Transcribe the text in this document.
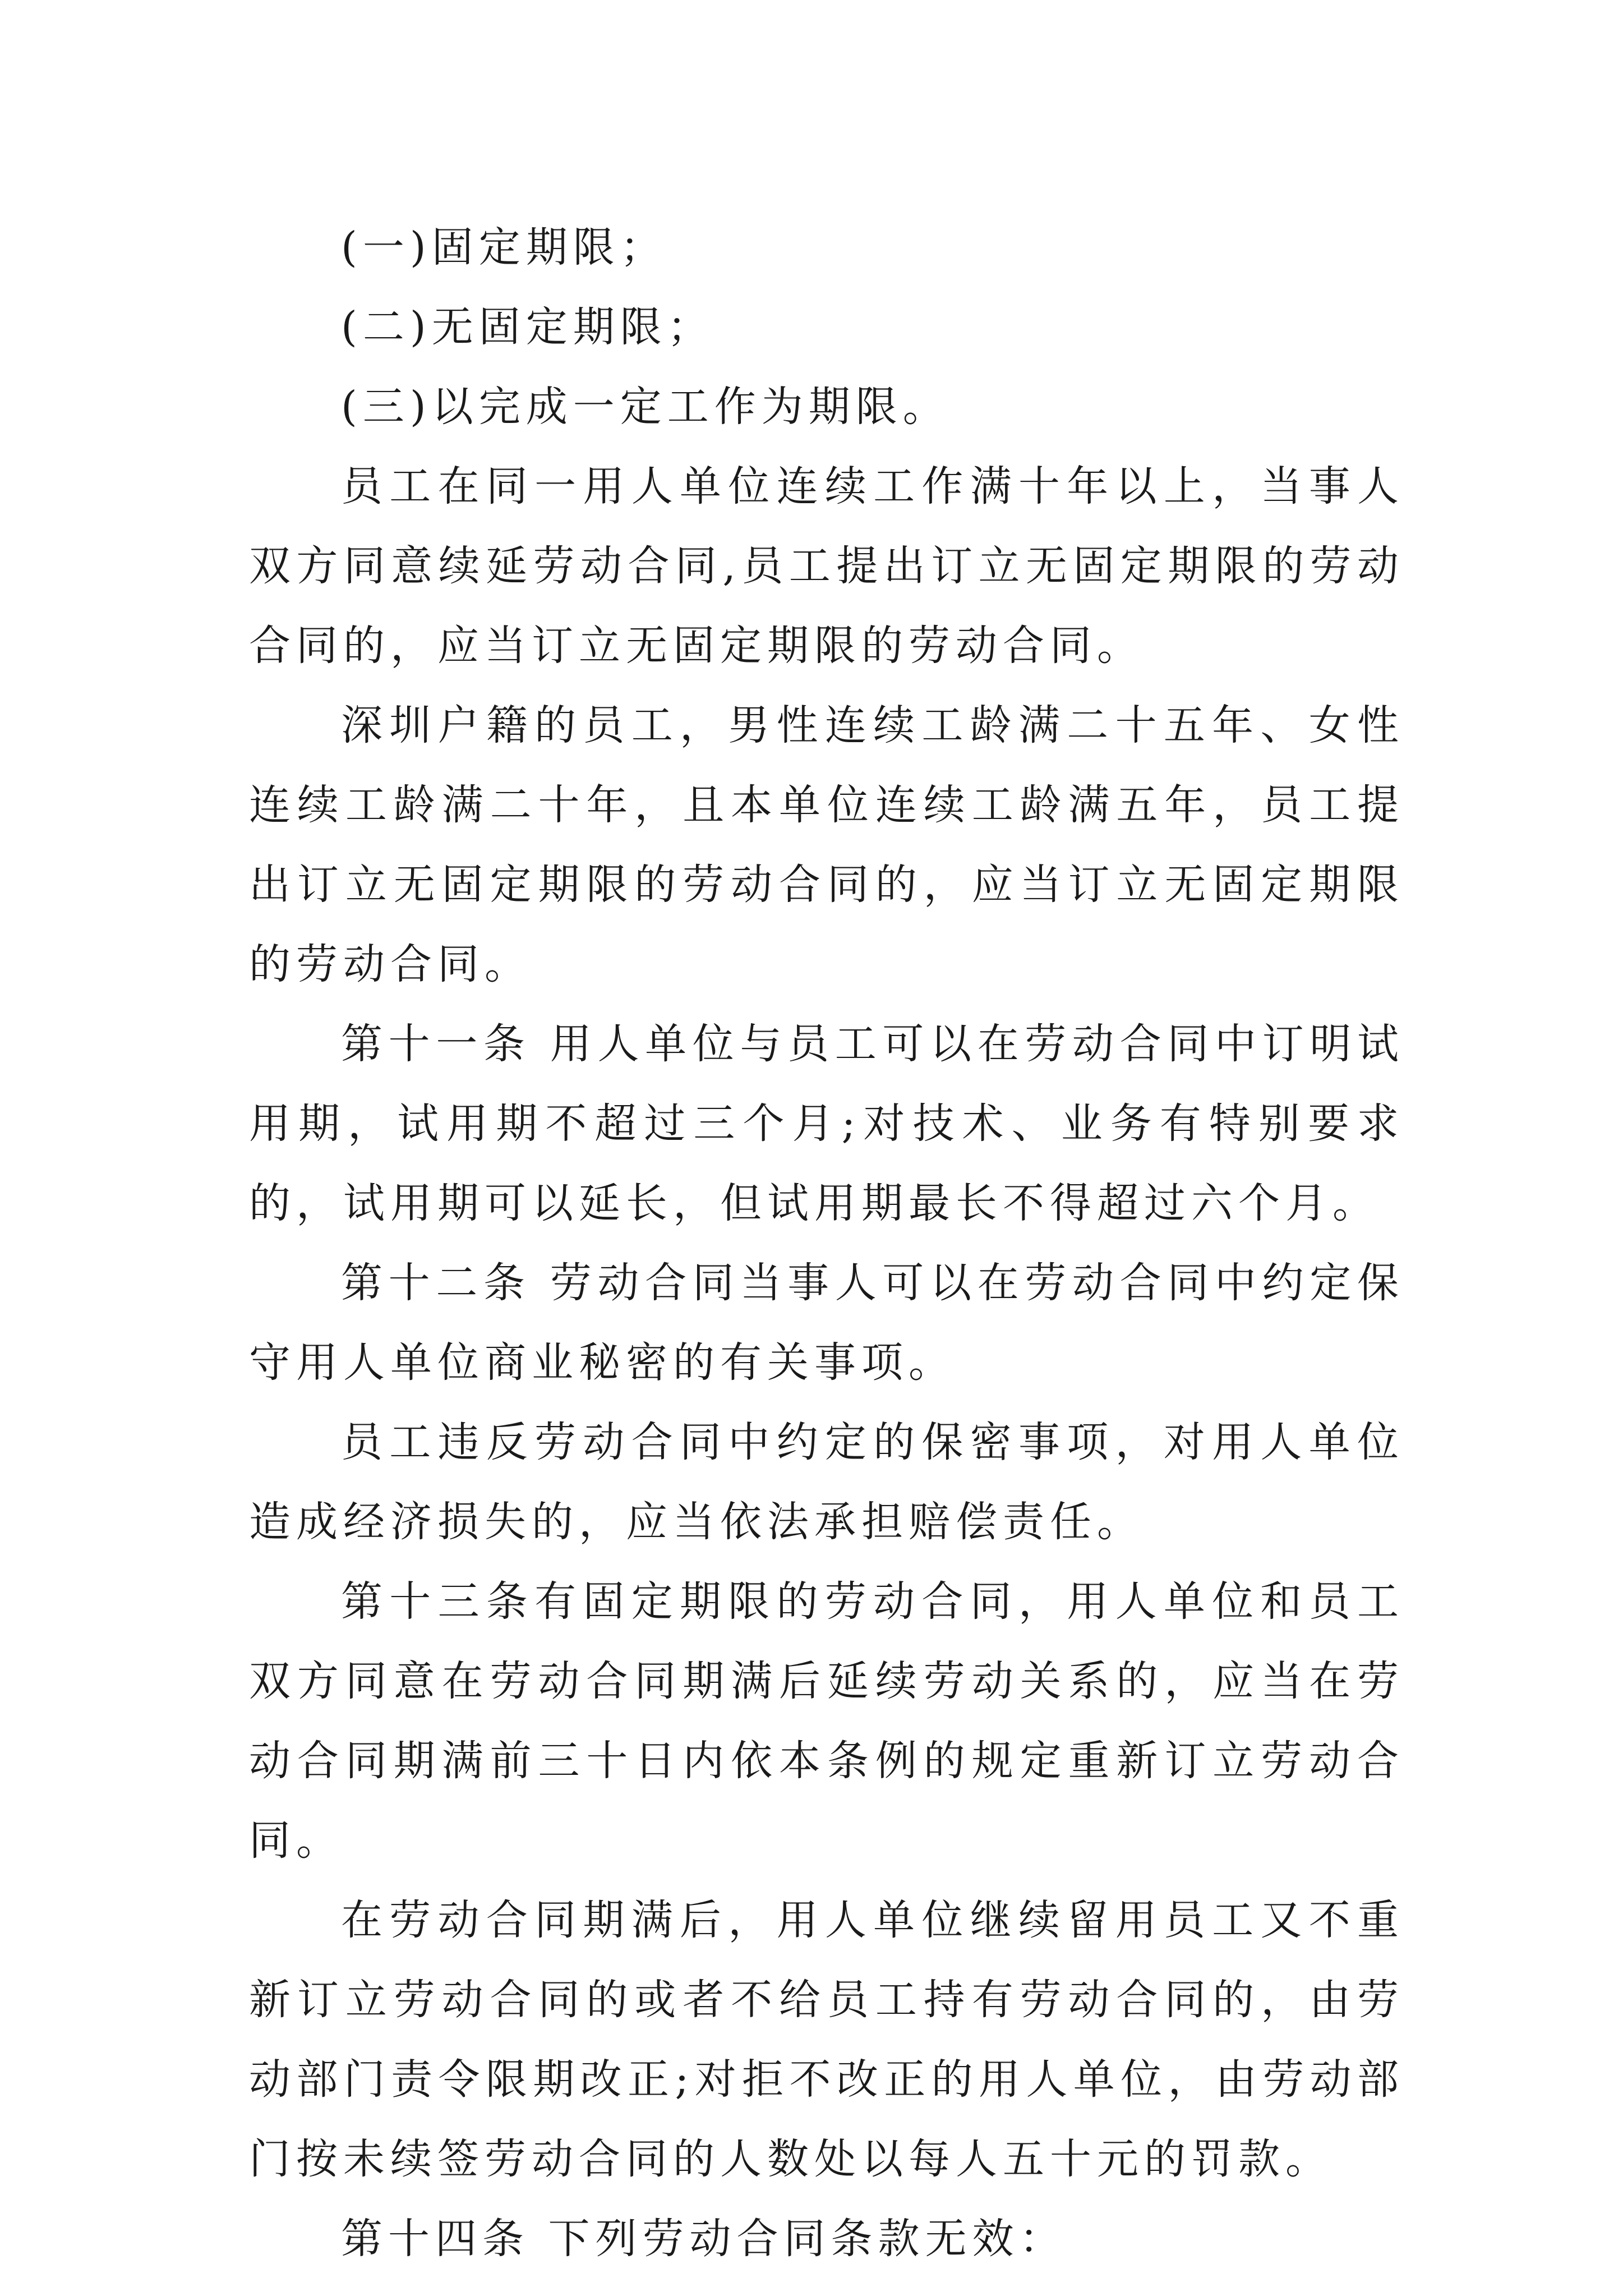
(一)固定期限；

(二)无固定期限；

(三)以完成一定工作为期限。

员工在同一用人单位连续工作满十年以上，当事人双方同意续延劳动合同,员工提出订立无固定期限的劳动合同的，应当订立无固定期限的劳动合同。

深圳户籍的员工，男性连续工龄满二十五年、女性连续工龄满二十年，且本单位连续工龄满五年，员工提出订立无固定期限的劳动合同的，应当订立无固定期限的劳动合同。

第十一条 用人单位与员工可以在劳动合同中订明试用期，试用期不超过三个月;对技术、业务有特别要求的，试用期可以延长，但试用期最长不得超过六个月。

第十二条 劳动合同当事人可以在劳动合同中约定保守用人单位商业秘密的有关事项。

员工违反劳动合同中约定的保密事项，对用人单位造成经济损失的，应当依法承担赔偿责任。

第十三条有固定期限的劳动合同，用人单位和员工双方同意在劳动合同期满后延续劳动关系的，应当在劳动合同期满前三十日内依本条例的规定重新订立劳动合同。

在劳动合同期满后，用人单位继续留用员工又不重新订立劳动合同的或者不给员工持有劳动合同的，由劳动部门责令限期改正;对拒不改正的用人单位，由劳动部门按未续签劳动合同的人数处以每人五十元的罚款。

第十四条 下列劳动合同条款无效：
